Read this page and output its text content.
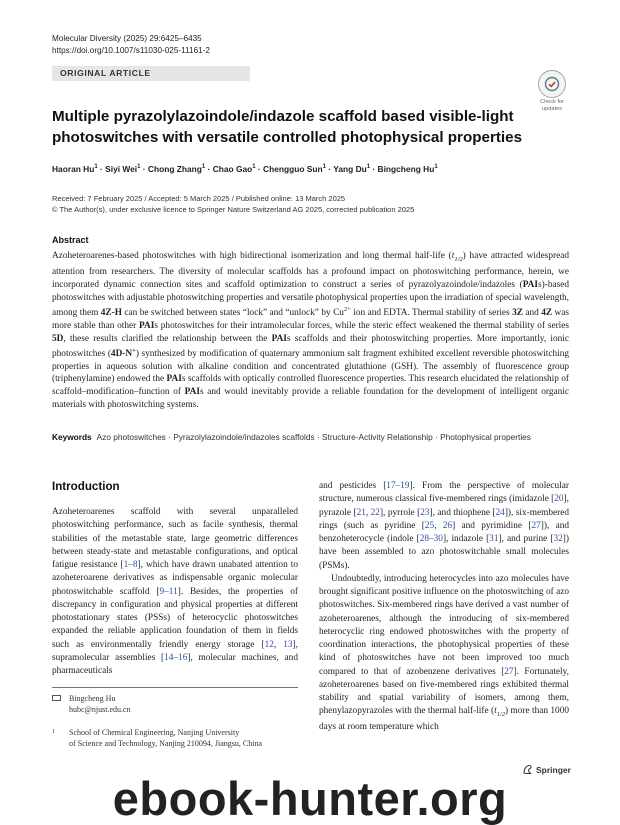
Molecular Diversity (2025) 29:6425–6435
https://doi.org/10.1007/s11030-025-11161-2
ORIGINAL ARTICLE
Check for
updates
Multiple pyrazolylazoindole/indazole scaffold based visible-light photoswitches with versatile controlled photophysical properties
Haoran $Hu^1$ · Siyi Wei$^1$ · Chong Zhang$^1$ · Chao Gao$^1$ · Chengguo Sun$^1$ · Yang $Du^1$ · Bingcheng Hu$^1$
Received: 7 February 2025 / Accepted: 5 March 2025 / Published online: 13 March 2025
© The Author(s), under exclusive licence to Springer Nature Switzerland AG 2025, corrected publication 2025
Abstract
Azoheteroarenes-based photoswitches with high bidirectional isomerization and long thermal half-life $(t_{1/2})$ have attracted widespread attention from researchers. The diversity of molecular scaffolds has a profound impact on photoswitching performance, herein, we incorporated dynamic connection sites and scaffold optimization to construct a series of pyrazolyazoindole/indazoles (PAIs)-based photoswitches with adjustable photoswitching properties and versatile photophysical properties upon the irradiation of special wavelength, among them 4Z-H can be switched between states “lock” and “unlock” by $Cu^{2+}$ ion and EDTA. Thermal stability of series 3Z and 4Z was more stable than other PAIs photoswitches for their intramolecular forces, while the steric effect weakened the thermal stability of series 5D, these results clarified the relationship between the PAIs scaffolds and their photoswitching properties. More importantly, ionic photoswitches (4D-N+) synthesized by modification of quaternary ammonium salt fragment exhibited excellent reversible photoswitching properties in aqueous solution with alkaline condition and concentrated glutathione (GSH). The assembly of fluorescence group (triphenylamine) endowed the PAIs scaffolds with optically controlled fluorescence properties. This research elucidated the relationship of scaffold–modification–function of PAIs and would inevitably provide a reliable foundation for the development of intelligent organic materials with photoswitching systems.
Keywords Azo photoswitches · Pyrazolylazoindole/indazoles scaffolds · Structure-Activity Relationship · Photophysical properties
Introduction

Azoheteroarenes scaffold with several unparalleled photoswitching performance, such as facile synthesis, thermal stabilities of the metastable state, large geometric differences between steady-state and metastable configurations, and optical fatigue resistance [1–8], which have drawn unabated attention to azoheteroarene derivatives as indispensable organic molecular photoswitchable scaffold [9–11]. Besides, the properties of discrepancy in configuration and physical properties at different photostationary states (PSSs) of heterocyclic photoswitches expanded the reliable application foundation of them in fields such as environmentally friendly energy storage [12, 13], supramolecular assemblies [14–16], molecular machines, and pharmaceuticals

and pesticides [17–19]. From the perspective of molecular structure, numerous classical five-membered rings (imidazole [20], pyrazole [21, 22], pyrrole [23], and thiophene [24]), six-membered rings (such as pyridine [25, 26] and pyrimidine [27]), and benzoheterocycle (indole [28–30], indazole [31], and purine [32]) have been assembled to azo photoswitchable small molecules (PSMs).

Undoubtedly, introducing heterocycles into azo molecules have brought significant positive influence on the photoswitching of azo photoswitches. Six-membered rings have derived a vast number of azoheteroarenes, although the introducing of six-membered heterocyclic ring endowed photoswitches with the property of coordination interactions, the photophysical properties of these kind of photoswitches have not been improved too much compared to that of azobenzene derivatives [27]. Fortunately, azoheteroarenes based on five-membered rings exhibited thermal stability and spatial variability of isomers, among them, phenylazopyrazoles with the thermal half-life $(t_{1/2})$ more than 1000 days at room temperature which

Bingcheng Hu
hubc@njust.edu.cn
1 School of Chemical Engineering, Nanjing University
of Science and Technology, Nanjing 210094, Jiangsu, China
Springer
ebook-hunter.org
